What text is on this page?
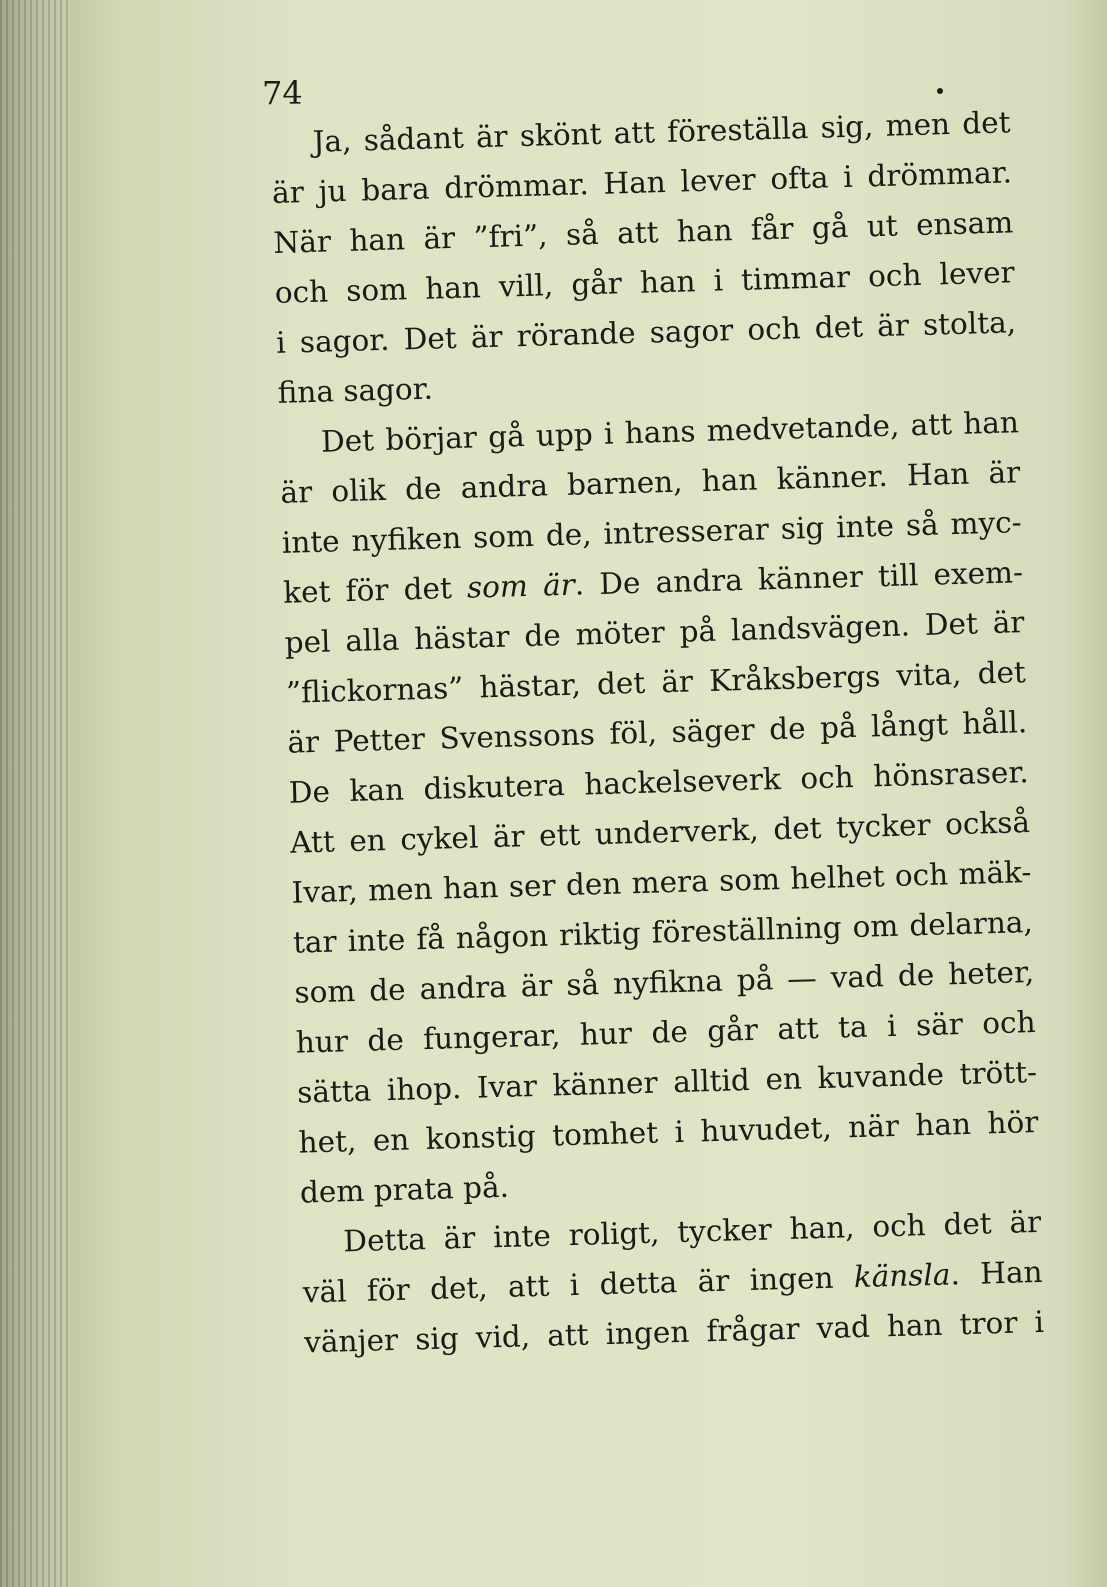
74
Ja, sådant är skönt att föreställa sig, men det
är ju bara drömmar. Han lever ofta i drömmar.
När han är ”fri”, så att han får gå ut ensam
och som han vill, går han i timmar och lever
i sagor. Det är rörande sagor och det är stolta,
fina sagor.
Det börjar gå upp i hans medvetande, att han
är olik de andra barnen, han känner. Han är
inte nyfiken som de, intresserar sig inte så myc-
ket för det som är. De andra känner till exem-
pel alla hästar de möter på landsvägen. Det är
”flickornas” hästar, det är Kråksbergs vita, det
är Petter Svenssons föl, säger de på långt håll.
De kan diskutera hackelseverk och hönsraser.
Att en cykel är ett underverk, det tycker också
Ivar, men han ser den mera som helhet och mäk-
tar inte få någon riktig föreställning om delarna,
som de andra är så nyfikna på — vad de heter,
hur de fungerar, hur de går att ta i sär och
sätta ihop. Ivar känner alltid en kuvande trött-
het, en konstig tomhet i huvudet, när han hör
dem prata på.
Detta är inte roligt, tycker han, och det är
väl för det, att i detta är ingen känsla. Han
vänjer sig vid, att ingen frågar vad han tror i
